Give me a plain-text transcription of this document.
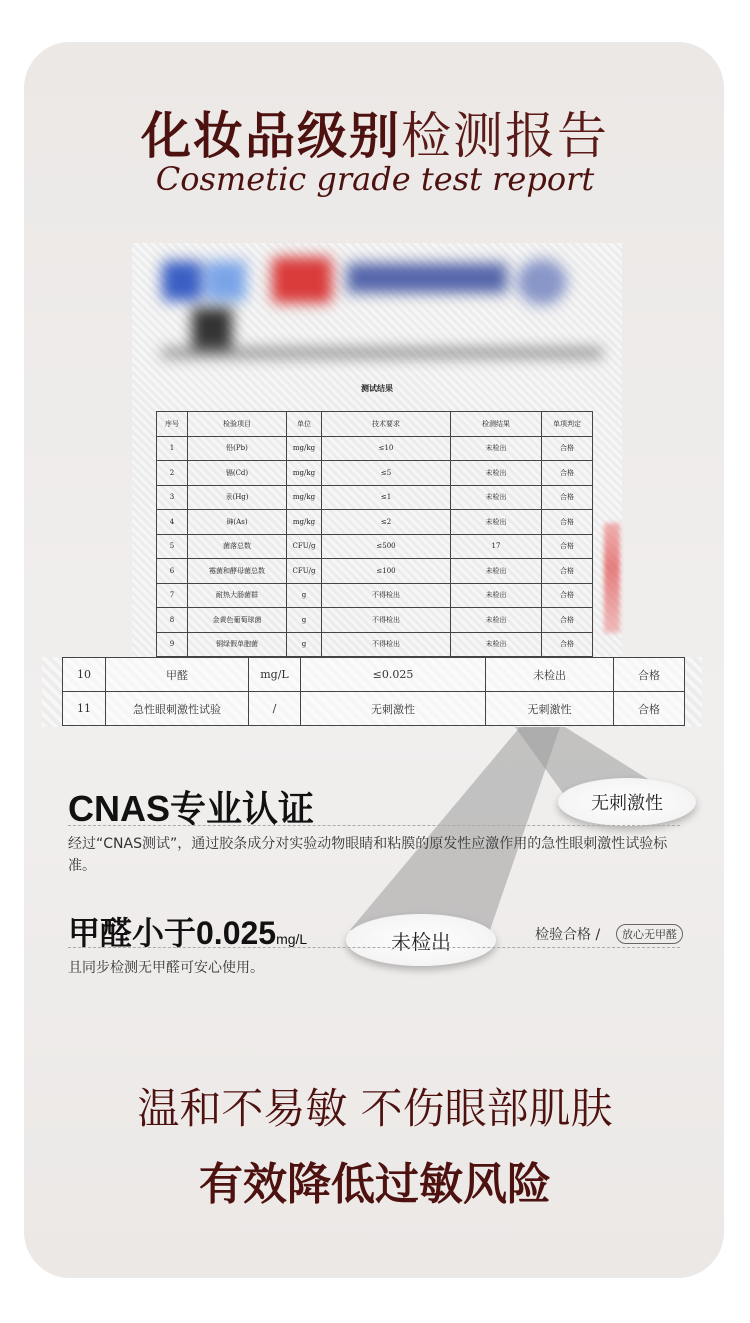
化妆品级别检测报告
Cosmetic grade test report
测试结果
序号	检验项目	单位	技术要求	检测结果	单项判定
1	铅(Pb)	mg/kg	≤10	未检出	合格
2	镉(Cd)	mg/kg	≤5	未检出	合格
3	汞(Hg)	mg/kg	≤1	未检出	合格
4	砷(As)	mg/kg	≤2	未检出	合格
5	菌落总数	CFU/g	≤500	17	合格
6	霉菌和酵母菌总数	CFU/g	≤100	未检出	合格
7	耐热大肠菌群	g	不得检出	未检出	合格
8	金黄色葡萄球菌	g	不得检出	未检出	合格
9	铜绿假单胞菌	g	不得检出	未检出	合格
10	甲醛	mg/L	≤0.025	未检出	合格
11	急性眼刺激性试验	/	无刺激性	无刺激性	合格
无刺激性
未检出
CNAS专业认证
经过“CNAS测试”，通过胶条成分对实验动物眼睛和粘膜的原发性应激作用的急性眼刺激性试验标准。
甲醛小于0.025mg/L	检验合格 /	放心无甲醛
且同步检测无甲醛可安心使用。
温和不易敏 不伤眼部肌肤
有效降低过敏风险
